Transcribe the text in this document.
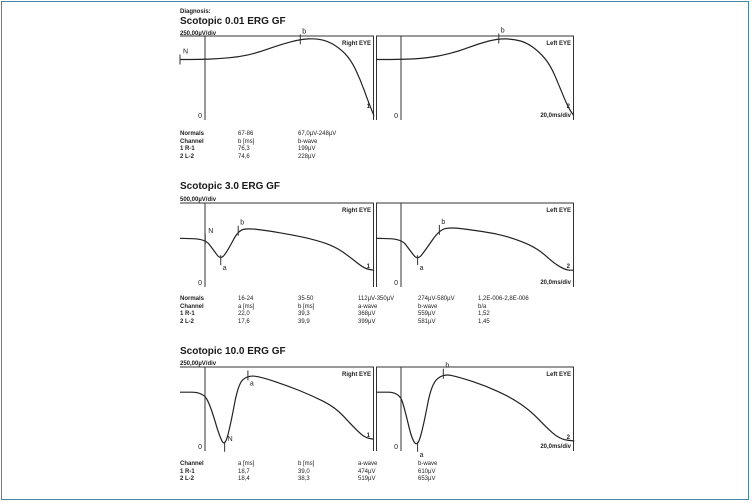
Diagnosis:
Scotopic 0.01 ERG GF
250,00µV/div
Right EYE
0
1
N
b
Left EYE
0	20,0ms/div
2
b
Normals	67-86	67,0µV-248µV
Channel	b [ms]	b-wave
1 R-1	76,3	199µV
2 L-2	74,6	228µV
Scotopic 3.0 ERG GF
500,00µV/div
Right EYE
0
1
N
a
b
Left EYE
0	20,0ms/div
2
a
b
Normals	16-24	35-50	112µV-350µV	274µV-580µV	1,2E-006-2,8E-006
Channel	a [ms]	b [ms]	a-wave	b-wave	b/a
1 R-1	22,0	39,3	368µV	559µV	1,52
2 L-2	17,6	39,9	399µV	581µV	1,45
Scotopic 10.0 ERG GF
250,00µV/div
Right EYE
0
1
N
a
Left EYE
0	20,0ms/div
2
a
b
Channel	a [ms]	b [ms]	a-wave	b-wave
1 R-1	18,7	39,0	474µV	610µV
2 L-2	18,4	38,3	519µV	653µV
